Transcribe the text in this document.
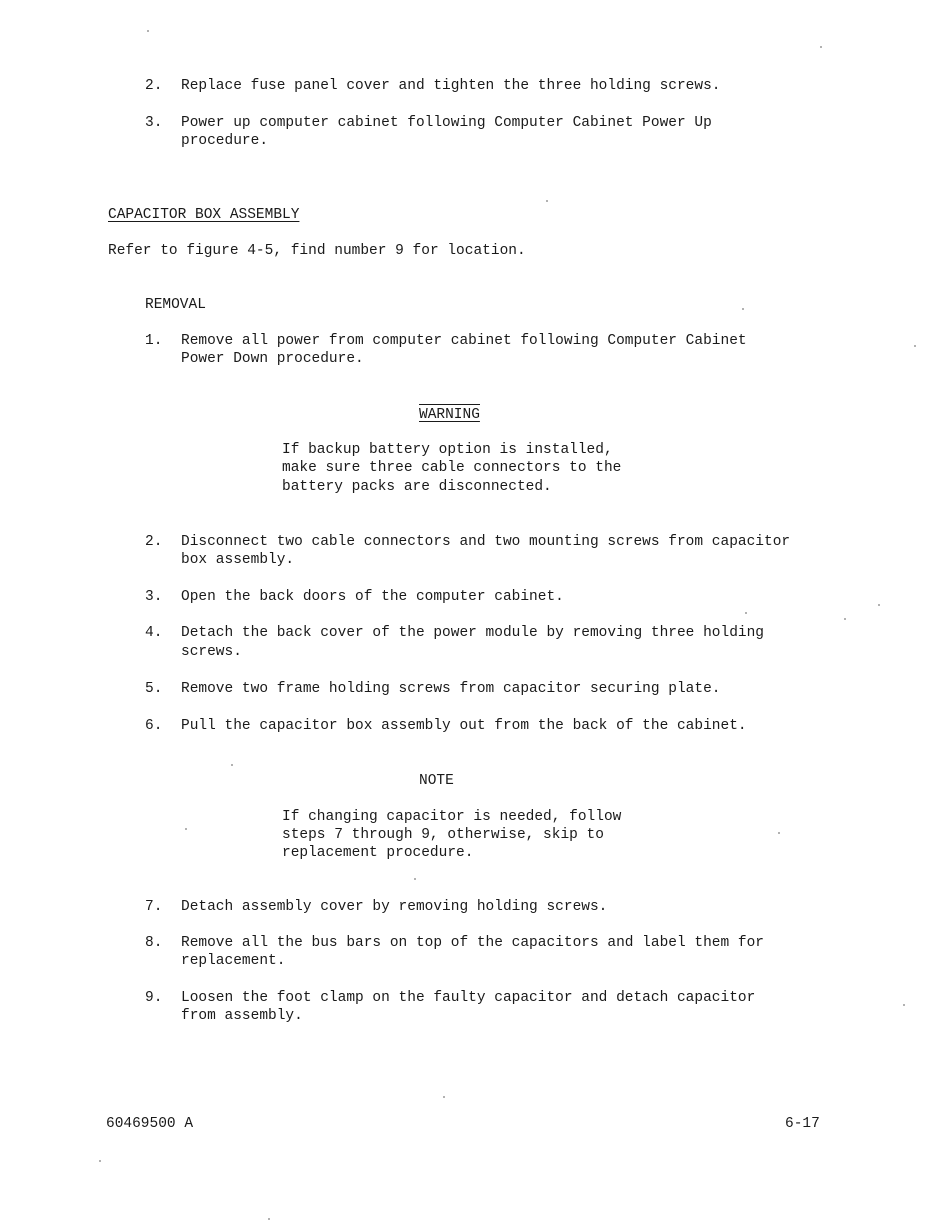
2. Replace fuse panel cover and tighten the three holding screws.
3. Power up computer cabinet following Computer Cabinet Power Up
procedure.
CAPACITOR BOX ASSEMBLY
Refer to figure 4-5, find number 9 for location.
REMOVAL
1. Remove all power from computer cabinet following Computer Cabinet
Power Down procedure.
WARNING
If backup battery option is installed,
make sure three cable connectors to the
battery packs are disconnected.
2. Disconnect two cable connectors and two mounting screws from capacitor
box assembly.
3. Open the back doors of the computer cabinet.
4. Detach the back cover of the power module by removing three holding
screws.
5. Remove two frame holding screws from capacitor securing plate.
6. Pull the capacitor box assembly out from the back of the cabinet.
NOTE
If changing capacitor is needed, follow
steps 7 through 9, otherwise, skip to
replacement procedure.
7. Detach assembly cover by removing holding screws.
8. Remove all the bus bars on top of the capacitors and label them for
replacement.
9. Loosen the foot clamp on the faulty capacitor and detach capacitor
from assembly.
60469500 A	6-17
